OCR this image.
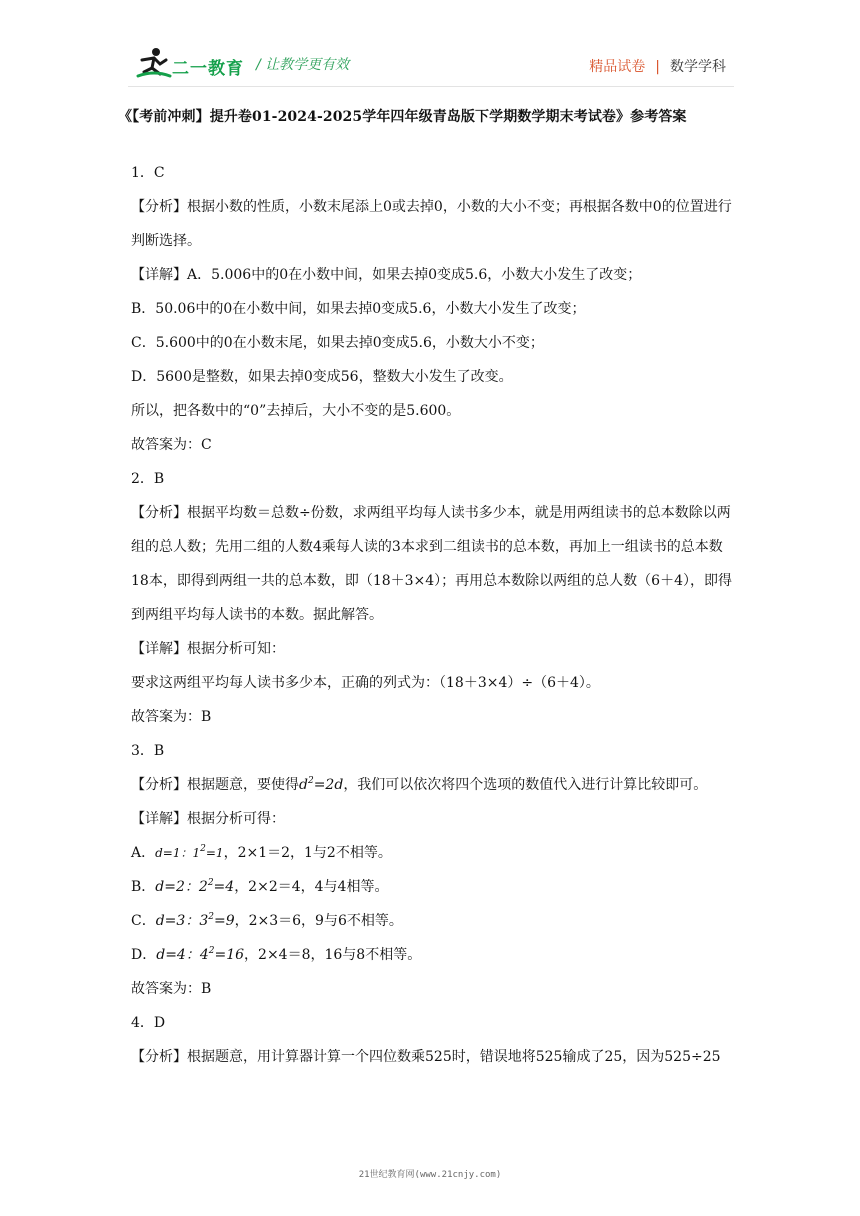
二一教育 / 让教学更有效	精品试卷 | 数学学科
《【考前冲刺】提升卷01-2024-2025学年四年级青岛版下学期数学期末考试卷》参考答案

1．C

【分析】根据小数的性质，小数末尾添上0或去掉0，小数的大小不变；再根据各数中0的位置进行判断选择。

【详解】A．5.006中的0在小数中间，如果去掉0变成5.6，小数大小发生了改变；

B．50.06中的0在小数中间，如果去掉0变成5.6，小数大小发生了改变；

C．5.600中的0在小数末尾，如果去掉0变成5.6，小数大小不变；

D．5600是整数，如果去掉0变成56，整数大小发生了改变。

所以，把各数中的“0”去掉后，大小不变的是5.600。

故答案为：C

2．B

【分析】根据平均数＝总数÷份数，求两组平均每人读书多少本，就是用两组读书的总本数除以两组的总人数；先用二组的人数4乘每人读的3本求到二组读书的总本数，再加上一组读书的总本数18本，即得到两组一共的总本数，即（18＋3×4）；再用总本数除以两组的总人数（6＋4），即得到两组平均每人读书的本数。据此解答。

【详解】根据分析可知：

要求这两组平均每人读书多少本，正确的列式为：（18＋3×4）÷（6＋4）。

故答案为：B

3．B

【分析】根据题意，要使得$d^2=2d$，我们可以依次将四个选项的数值代入进行计算比较即可。

【详解】根据分析可得：

A．d=1：$1^2=1$，2×1＝2，1与2不相等。

B．d=2：$2^2=4$，2×2＝4，4与4相等。

C．d=3：$3^2=9$，2×3＝6，9与6不相等。

D．d=4：$4^2=16$，2×4＝8，16与8不相等。

故答案为：B

4．D

【分析】根据题意，用计算器计算一个四位数乘525时，错误地将525输成了25，因为525÷25

21世纪教育网(www.21cnjy.com)
